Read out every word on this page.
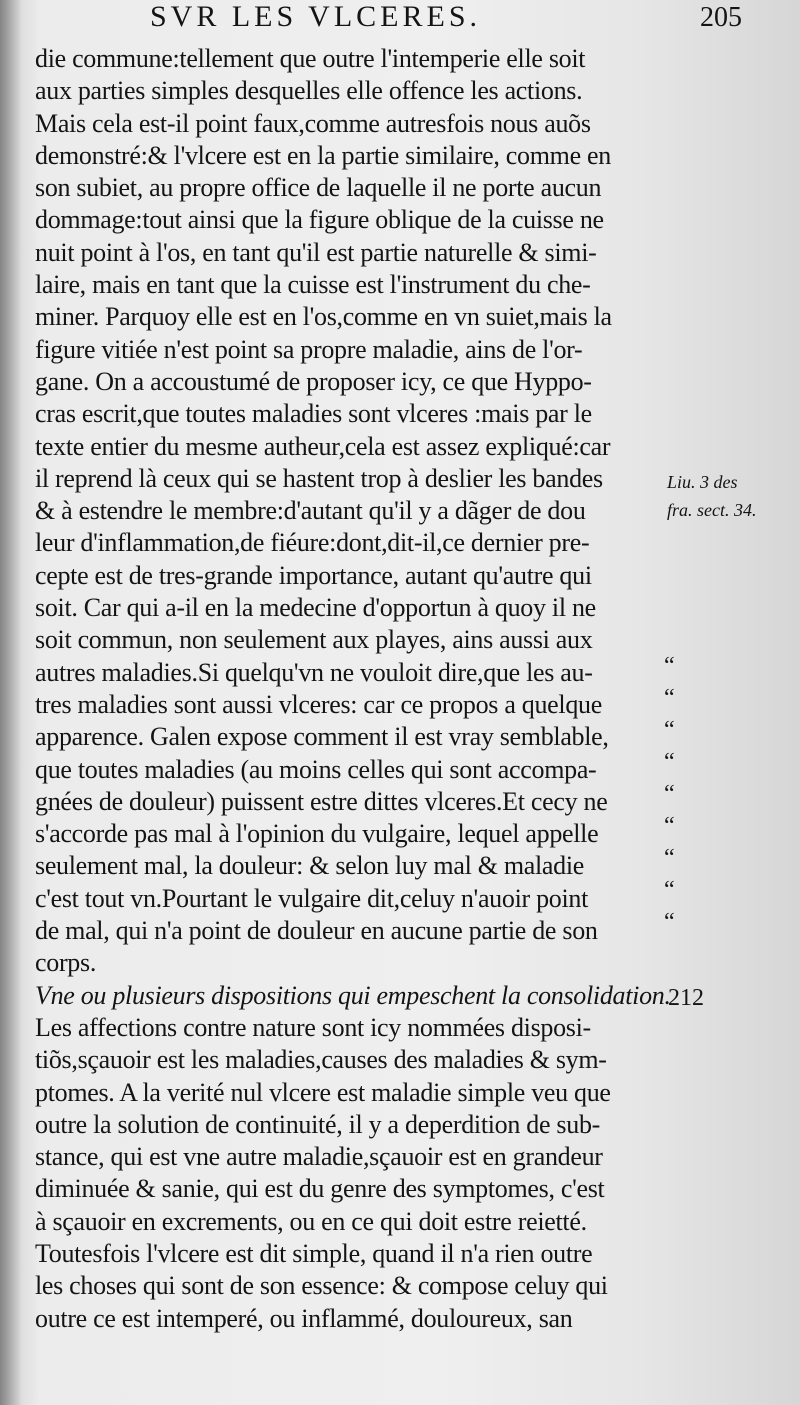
SVR LES VLCERES.	205
die commune:tellement que outre l'intemperie elle soit
aux parties simples desquelles elle offence les actions.
Mais cela est-il point faux,comme autresfois nous auõs
demonstré:& l'vlcere est en la partie similaire, comme en
son subiet, au propre office de laquelle il ne porte aucun
dommage:tout ainsi que la figure oblique de la cuisse ne
nuit point à l'os, en tant qu'il est partie naturelle & simi-
laire, mais en tant que la cuisse est l'instrument du che-
miner. Parquoy elle est en l'os,comme en vn suiet,mais la
figure vitiée n'est point sa propre maladie, ains de l'or-
gane. On a accoustumé de proposer icy, ce que Hyppo-
cras escrit,que toutes maladies sont vlceres :mais par le
texte entier du mesme autheur,cela est assez expliqué:car
il reprend là ceux qui se hastent trop à deslier les bandes
& à estendre le membre:d'autant qu'il y a dãger de dou
leur d'inflammation,de fiéure:dont,dit-il,ce dernier pre-
cepte est de tres-grande importance, autant qu'autre qui
soit. Car qui a-il en la medecine d'opportun à quoy il ne
soit commun, non seulement aux playes, ains aussi aux
autres maladies.Si quelqu'vn ne vouloit dire,que les au-
tres maladies sont aussi vlceres: car ce propos a quelque
apparence. Galen expose comment il est vray semblable,
que toutes maladies (au moins celles qui sont accompa-
gnées de douleur) puissent estre dittes vlceres.Et cecy ne
s'accorde pas mal à l'opinion du vulgaire, lequel appelle
seulement mal, la douleur: & selon luy mal & maladie
c'est tout vn.Pourtant le vulgaire dit,celuy n'auoir point
de mal, qui n'a point de douleur en aucune partie de son
corps.
Vne ou plusieurs dispositions qui empeschent la consolidation.
Les affections contre nature sont icy nommées disposi-
tiõs,sçauoir est les maladies,causes des maladies & sym-
ptomes. A la verité nul vlcere est maladie simple veu que
outre la solution de continuité, il y a deperdition de sub-
stance, qui est vne autre maladie,sçauoir est en grandeur
diminuée & sanie, qui est du genre des symptomes, c'est
à sçauoir en excrements, ou en ce qui doit estre reietté.
Toutesfois l'vlcere est dit simple, quand il n'a rien outre
les choses qui sont de son essence: & compose celuy qui
outre ce est intemperé, ou inflammé, douloureux, san
Liu. 3 des
fra. sect. 34.
“
“
“
“
“
“
“
“
“
212
